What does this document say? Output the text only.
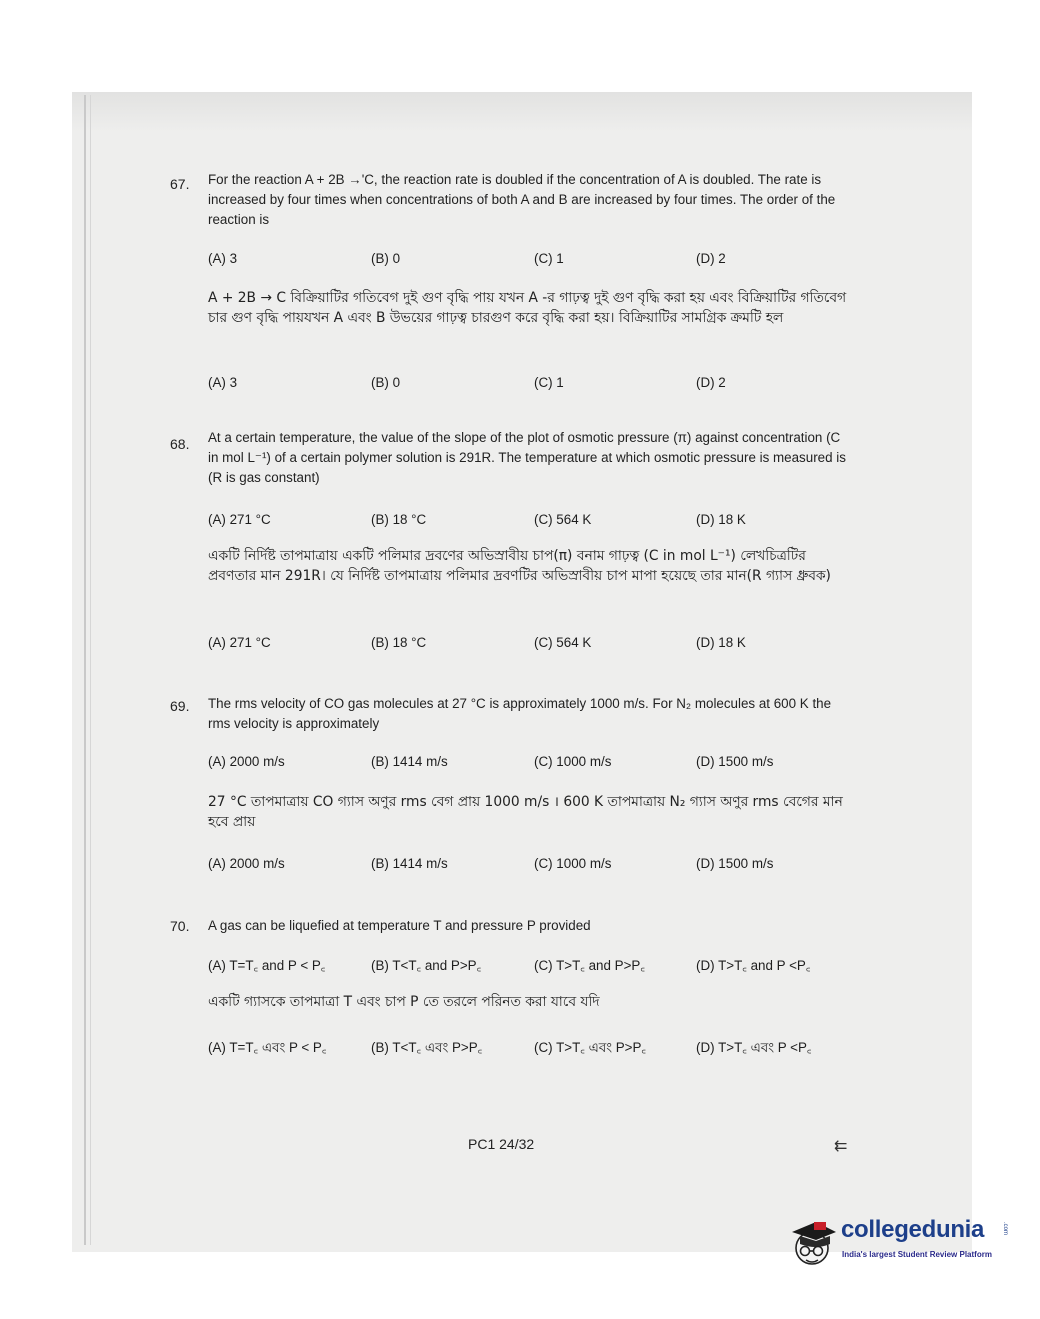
67. For the reaction A + 2B →'C, the reaction rate is doubled if the concentration of A is doubled. The rate is increased by four times when concentrations of both A and B are increased by four times. The order of the reaction is
(A) 3	(B) 0	(C) 1	(D) 2
A + 2B → C বিক্রিয়াটির গতিবেগ দুই গুণ বৃদ্ধি পায় যখন A -র গাঢ়ত্ব দুই গুণ বৃদ্ধি করা হয় এবং বিক্রিয়াটির গতিবেগ চার গুণ বৃদ্ধি পায়যখন A এবং B উভয়ের গাঢ়ত্ব চারগুণ করে বৃদ্ধি করা হয়। বিক্রিয়াটির সামগ্রিক ক্রমটি হল
(A) 3	(B) 0	(C) 1	(D) 2
68. At a certain temperature, the value of the slope of the plot of osmotic pressure (π) against concentration (C in mol L⁻¹) of a certain polymer solution is 291R. The temperature at which osmotic pressure is measured is (R is gas constant)
(A) 271 °C	(B) 18 °C	(C) 564 K	(D) 18 K
একটি নির্দিষ্ট তাপমাত্রায় একটি পলিমার দ্রবণের অভিস্রাবীয় চাপ(π) বনাম গাঢ়ত্ব (C in mol L⁻¹) লেখচিত্রটির প্রবণতার মান 291R। যে নির্দিষ্ট তাপমাত্রায় পলিমার দ্রবণটির অভিস্রাবীয় চাপ মাপা হয়েছে তার মান(R গ্যাস ধ্রুবক)
(A) 271 °C	(B) 18 °C	(C) 564 K	(D) 18 K
69. The rms velocity of CO gas molecules at 27 °C is approximately 1000 m/s. For N₂ molecules at 600 K the rms velocity is approximately
(A) 2000 m/s	(B) 1414 m/s	(C) 1000 m/s	(D) 1500 m/s
27 °C তাপমাত্রায় CO গ্যাস অণুর rms বেগ প্রায় 1000 m/s । 600 K তাপমাত্রায় N₂ গ্যাস অণুর rms বেগের মান হবে প্রায়
(A) 2000 m/s	(B) 1414 m/s	(C) 1000 m/s	(D) 1500 m/s
70. A gas can be liquefied at temperature T and pressure P provided
(A) T=T꜀ and P < P꜀	(B) T<T꜀ and P>P꜀	(C) T>T꜀ and P>P꜀	(D) T>T꜀ and P <P꜀
একটি গ্যাসকে তাপমাত্রা T এবং চাপ P তে তরলে পরিনত করা যাবে যদি
(A) T=T꜀ এবং P < P꜀	(B) T<T꜀ এবং P>P꜀	(C) T>T꜀ এবং P>P꜀	(D) T>T꜀ এবং P <P꜀
PC1 24/32	⇇
collegedunia	.com
India's largest Student Review Platform
